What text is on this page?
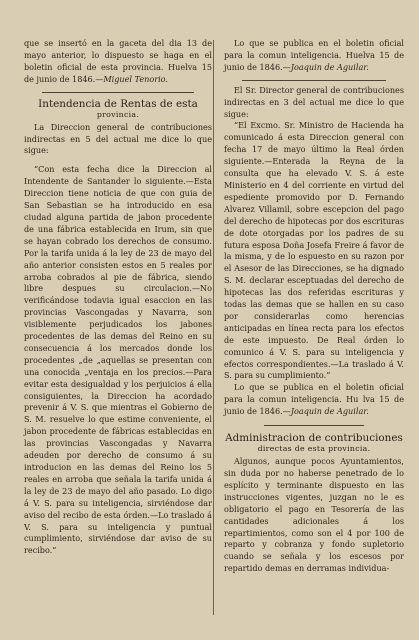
que se insertó en la gaceta del dia 13 de mayo anterior, lo dispuesto se haga en el boletin oficial de esta provincia. Huelva 15 de junio de 1846.—Miguel Tenorio.

Intendencia de Rentas de esta
provincia.

La Direccion general de contribuciones indirectas en 5 del actual me dice lo que sigue:

“Con esta fecha dice la Direccion al Intendente de Santander lo siguiente.—Esta Direccion tiene noticia de que con guia de San Sebastian se ha introducido en esa ciudad alguna partida de jabon procedente de una fábrica establecida en Irum, sin que se hayan cobrado los derechos de consumo. Por la tarifa unida á la ley de 23 de mayo del año anterior consisten estos en 5 reales por arroba cobrados al pie de fábrica, siendo libre despues su circulacion.—No verificándose todavia igual esaccion en las provincias Vascongadas y Navarra, son visiblemente perjudicados los jabones procedentes de las demas del Reino en su consecuencia á los mercados donde los procedentes „de „aquellas se presentan con una conocida „ventaja en los precios.—Para evitar esta desigualdad y los perjuicios á ella consiguientes, la Direccion ha acordado prevenir á V. S. que mientras el Gobierno de S. M. resuelve lo que estime conveniente, el jabon procedente de fábricas establecidas en las provincias Vascongadas y Navarra adeuden por derecho de consumo á su introducion en las demas del Reino los 5 reales en arroba que señala la tarifa unida á la ley de 23 de mayo del año pasado. Lo digo á V. S. para su inteligencia, sirviéndose dar aviso del recibo de esta órden.—Lo traslado á V. S. para su inteligencia y puntual cumplimiento, sirviéndose dar aviso de su recibo.”

Lo que se publica en el boletin oficial para la comun inteligencia. Huelva 15 de junio de 1846.—Joaquin de Aguilar.

El Sr. Director general de contribuciones indirectas en 3 del actual me dice lo que sigue:

“El Excmo. Sr. Ministro de Hacienda ha comunicado á esta Direccion general con fecha 17 de mayo último la Real órden siguiente.—Enterada la Reyna de la consulta que ha elevado V. S. á este Ministerio en 4 del corriente en virtud del espediente promovido por D. Fernando Alvarez Villamil, sobre escepcion del pago del derecho de hipotecas por dos escrituras de dote otorgadas por los padres de su futura esposa Doña Josefa Freire á favor de la misma, y de lo espuesto en su razon por el Asesor de las Direcciones, se ha dignado S. M. declarar esceptuadas del derecho de hipotecas las dos referidas escrituras y todas las demas que se hallen en su caso por considerarlas como herencias anticipadas en línea recta para los efectos de este impuesto. De Real órden lo comunico á V. S. para su inteligencia y efectos correspondientes.—La traslado á V. S. para su cumplimiento.”

Lo que se publica en el boletin oficial para la comun inteligencia. Hu lva 15 de junio de 1846.—Joaquin de Aguilar.

Administracion de contribuciones
directas de esta provincia.

Algunos, aunque pocos Ayuntamientos, sin duda por no haberse penetrado de lo esplícito y terminante dispuesto en las instrucciones vigentes, juzgan no le es obligatorio el pago en Tesorería de las cantidades adicionales á los repartimientos, como son el 4 por 100 de reparto y cobranza y fondo supletorio cuando se señala y los escesos por repartido demas en derramas individua-
